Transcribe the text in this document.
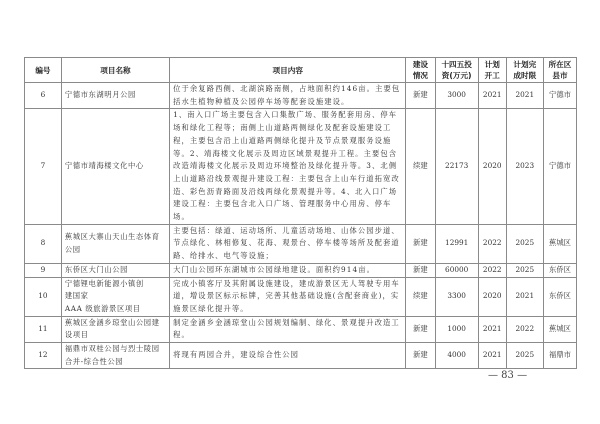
编号	项目名称	项目内容	建设情况	十四五投资(万元)	计划开工	计划完成时限	所在区县市
6	宁德市东湖明月公园	位于余复路西侧、北湖滨路南侧，占地面积约146亩。主要包括水生植物种植及公园停车场等配套设施建设。	新建	3000	2021	2021	宁德市
7	宁德市靖海楼文化中心	1、南入口广场主要包含入口集散广场、服务配套用房、停车场和绿化工程等；南侧上山道路两侧绿化及配套设施建设工程，主要包含沿上山道路两侧绿化提升及节点景观服务设施等。2、靖海楼文化展示及周边区域景观提升工程。主要包含改造靖海楼文化展示及周边环境整治及绿化提升等。3、北侧上山道路沿线景观提升建设工程：主要包含上山车行道拓宽改造、彩色沥青路面及沿线两绿化景观提升等。4、北入口广场建设工程：主要包含北入口广场、管理服务中心用房、停车场。	续建	22173	2020	2023	宁德市
8	蕉城区大寨山天山生态体育公园	主要包括：绿道、运动场所、儿童活动场地、山体公园步道、节点绿化、林相修复、花海、观景台、停车楼等场所及配套道路、给排水、电气等设施；	新建	12991	2022	2025	蕉城区
9	东侨区大门山公园	大门山公园环东湖城市公园绿地建设。面积约914亩。	新建	60000	2022	2025	东侨区
10	宁德锂电新能源小镇创
建国家
AAA 级旅游景区项目	完成小镇客厅及其附属设施建设，建成游景区无人驾驶专用车道，增设景区标示标牌，完善其他基础设施(含配套商业)，实施景区绿化提升等。	续建	3300	2020	2021	东侨区
11	蕉城区金涵乡琼堂山公园建设项目	制定金涵乡金涵琼堂山公园规划编制、绿化、景观提升改造工程。	新建	1000	2021	2022	蕉城区
12	福鼎市双桂公园与烈士陵园合并-综合性公园	将现有两园合并，建设综合性公园	新建	4000	2021	2025	福鼎市
— 83 —
